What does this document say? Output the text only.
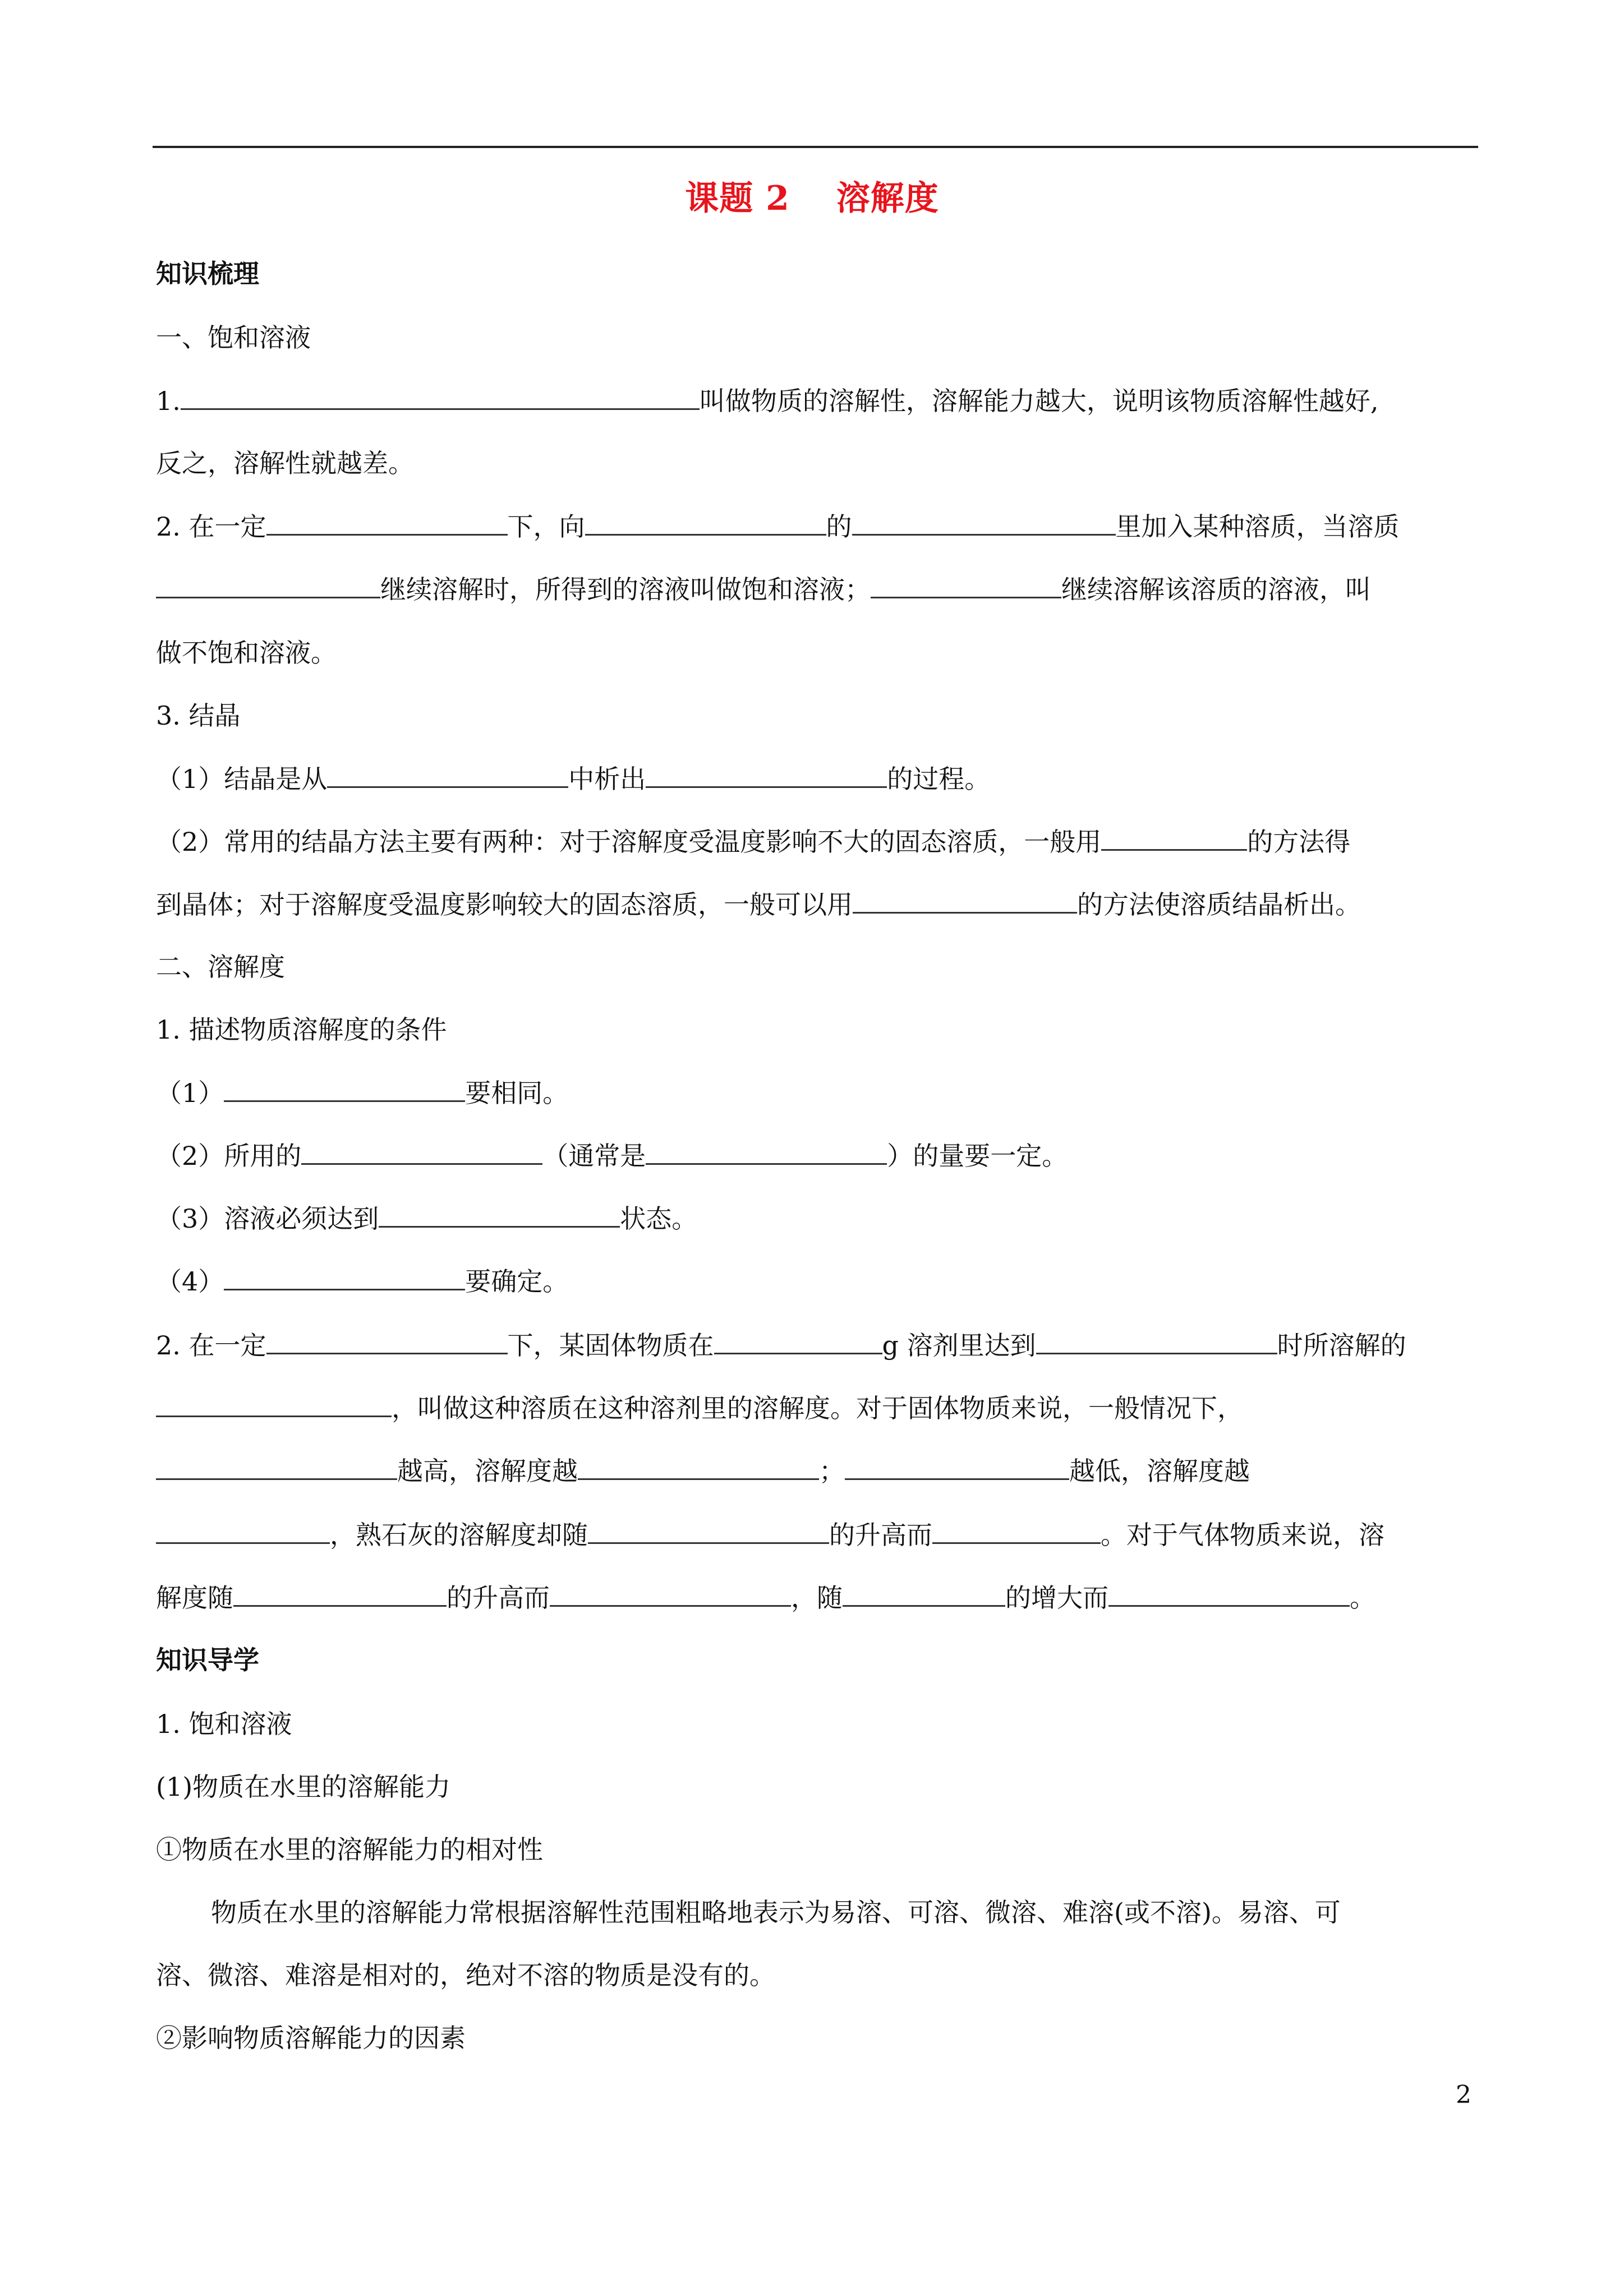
课题 2　 溶解度
知识梳理
一、饱和溶液
1.	叫做物质的溶解性，溶解能力越大，说明该物质溶解性越好,
反之，溶解性就越差。
2. 在一定	下，向	的	里加入某种溶质，当溶质
继续溶解时，所得到的溶液叫做饱和溶液；	继续溶解该溶质的溶液，叫
做不饱和溶液。
3. 结晶
（1）结晶是从	中析出	的过程。
（2）常用的结晶方法主要有两种：对于溶解度受温度影响不大的固态溶质，一般用	的方法得
到晶体；对于溶解度受温度影响较大的固态溶质，一般可以用	的方法使溶质结晶析出。
二、溶解度
1. 描述物质溶解度的条件
（1）	要相同。
（2）所用的	（通常是	）的量要一定。
（3）溶液必须达到	状态。
（4）	要确定。
2. 在一定	下，某固体物质在	g 溶剂里达到	时所溶解的
，叫做这种溶质在这种溶剂里的溶解度。对于固体物质来说，一般情况下，
越高，溶解度越	；	越低，溶解度越
，熟石灰的溶解度却随	的升高而	。对于气体物质来说，溶
解度随	的升高而	，随	的增大而	。
知识导学
1. 饱和溶液
(1)物质在水里的溶解能力
①物质在水里的溶解能力的相对性
物质在水里的溶解能力常根据溶解性范围粗略地表示为易溶、可溶、微溶、难溶(或不溶)。易溶、可
溶、微溶、难溶是相对的，绝对不溶的物质是没有的。
②影响物质溶解能力的因素
2
